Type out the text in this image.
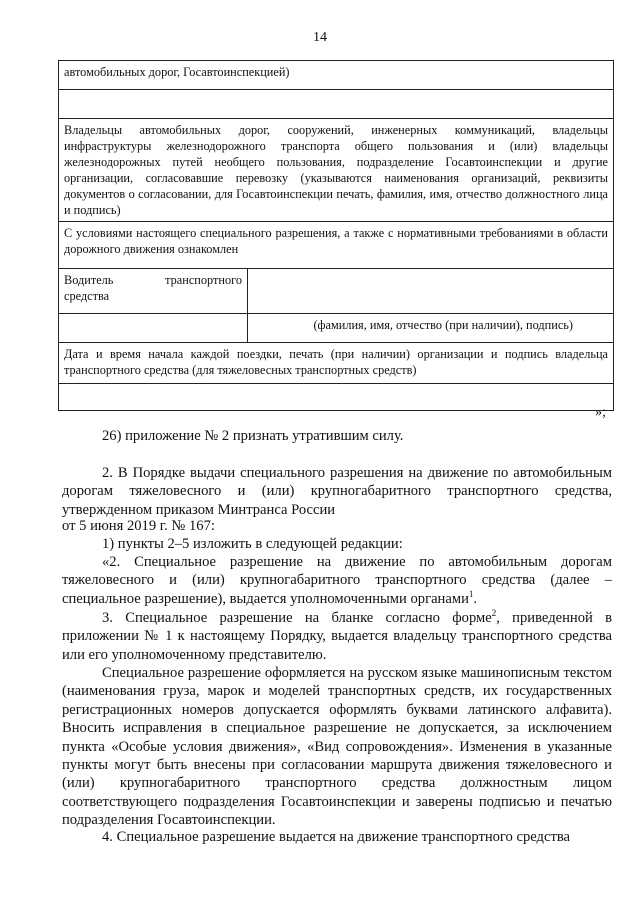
14
автомобильных дорог, Госавтоинспекцией)	

Владельцы автомобильных дорог, сооружений, инженерных коммуникаций, владельцы инфраструктуры железнодорожного транспорта общего пользования и (или) владельцы железнодорожных путей необщего пользования, подразделение Госавтоинспекции и другие организации, согласовавшие перевозку (указываются наименования организаций, реквизиты документов о согласовании, для Госавтоинспекции печать, фамилия, имя, отчество должностного лица и подпись)	
С условиями настоящего специального разрешения, а также с нормативными требованиями в области дорожного движения ознакомлен	

Водитель транспортного
средства	

	(фамилия, имя, отчество (при наличии), подпись)
Дата и время начала каждой поездки, печать (при наличии) организации и подпись владельца транспортного средства (для тяжеловесных транспортных средств)	

»;
26) приложение № 2 признать утратившим силу.
2. В Порядке выдачи специального разрешения на движение по автомобильным дорогам тяжеловесного и (или) крупногабаритного транспортного средства, утвержденном приказом Минтранса России
от 5 июня 2019 г. № 167:
1) пункты 2–5 изложить в следующей редакции:
«2. Специальное разрешение на движение по автомобильным дорогам тяжеловесного и (или) крупногабаритного транспортного средства (далее – специальное разрешение), выдается уполномоченными органами$^1$.
3. Специальное разрешение на бланке согласно форме$^2$, приведенной в приложении № 1 к настоящему Порядку, выдается владельцу транспортного средства или его уполномоченному представителю.
Специальное разрешение оформляется на русском языке машинописным текстом (наименования груза, марок и моделей транспортных средств, их государственных регистрационных номеров допускается оформлять буквами латинского алфавита). Вносить исправления в специальное разрешение не допускается, за исключением пункта «Особые условия движения», «Вид сопровождения». Изменения в указанные пункты могут быть внесены при согласовании маршрута движения тяжеловесного и (или) крупногабаритного транспортного средства должностным лицом соответствующего подразделения Госавтоинспекции и заверены подписью и печатью подразделения Госавтоинспекции.
4. Специальное разрешение выдается на движение транспортного средства
